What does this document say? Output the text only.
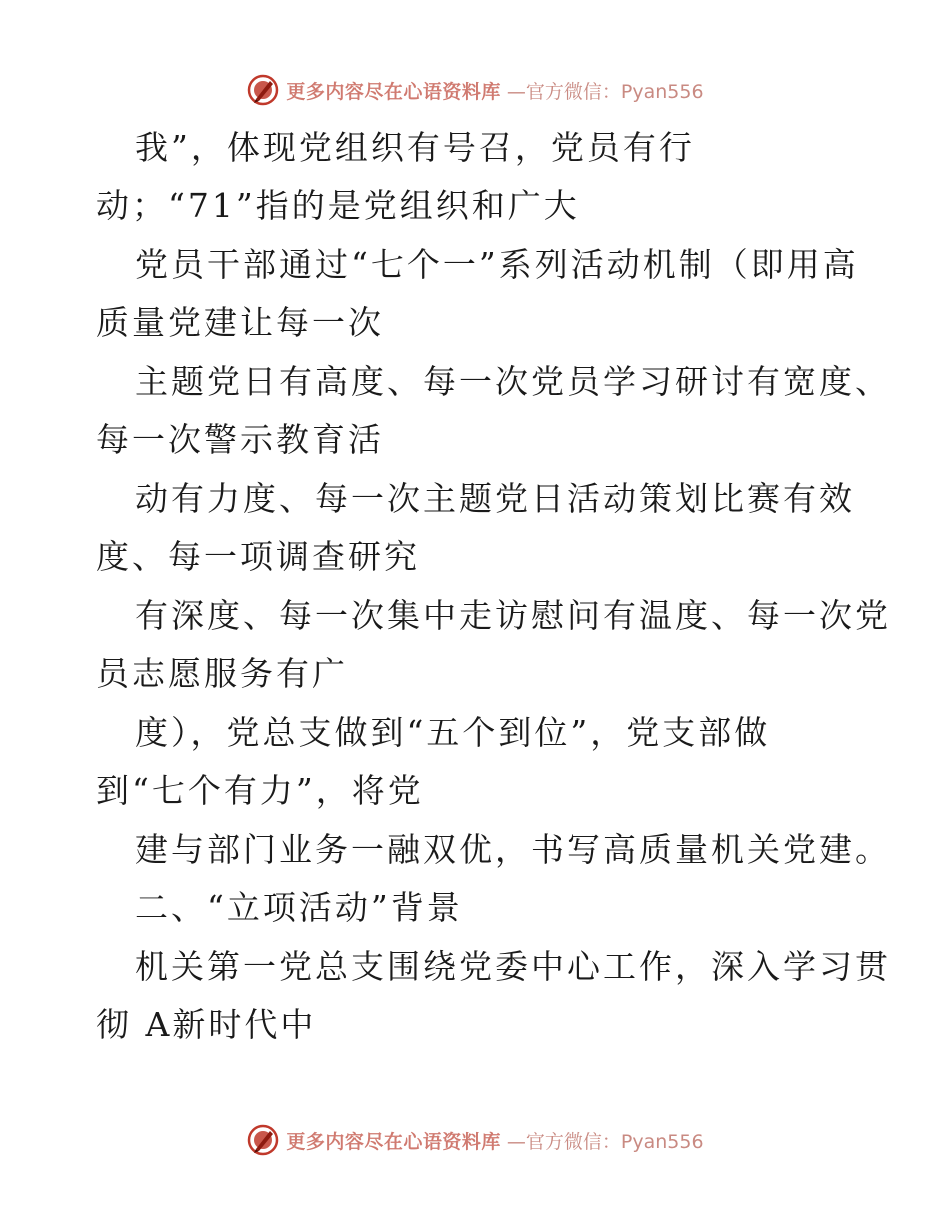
更多内容尽在心语资料库 —官方微信：Pyan556
我”，体现党组织有号召，党员有行
动；“71”指的是党组织和广大
党员干部通过“七个一”系列活动机制（即用高
质量党建让每一次
主题党日有高度、每一次党员学习研讨有宽度、
每一次警示教育活
动有力度、每一次主题党日活动策划比赛有效
度、每一项调查研究
有深度、每一次集中走访慰问有温度、每一次党
员志愿服务有广
度），党总支做到“五个到位”，党支部做
到“七个有力”，将党
建与部门业务一融双优，书写高质量机关党建。
二、“立项活动”背景
机关第一党总支围绕党委中心工作，深入学习贯
彻 A新时代中
更多内容尽在心语资料库 —官方微信：Pyan556
